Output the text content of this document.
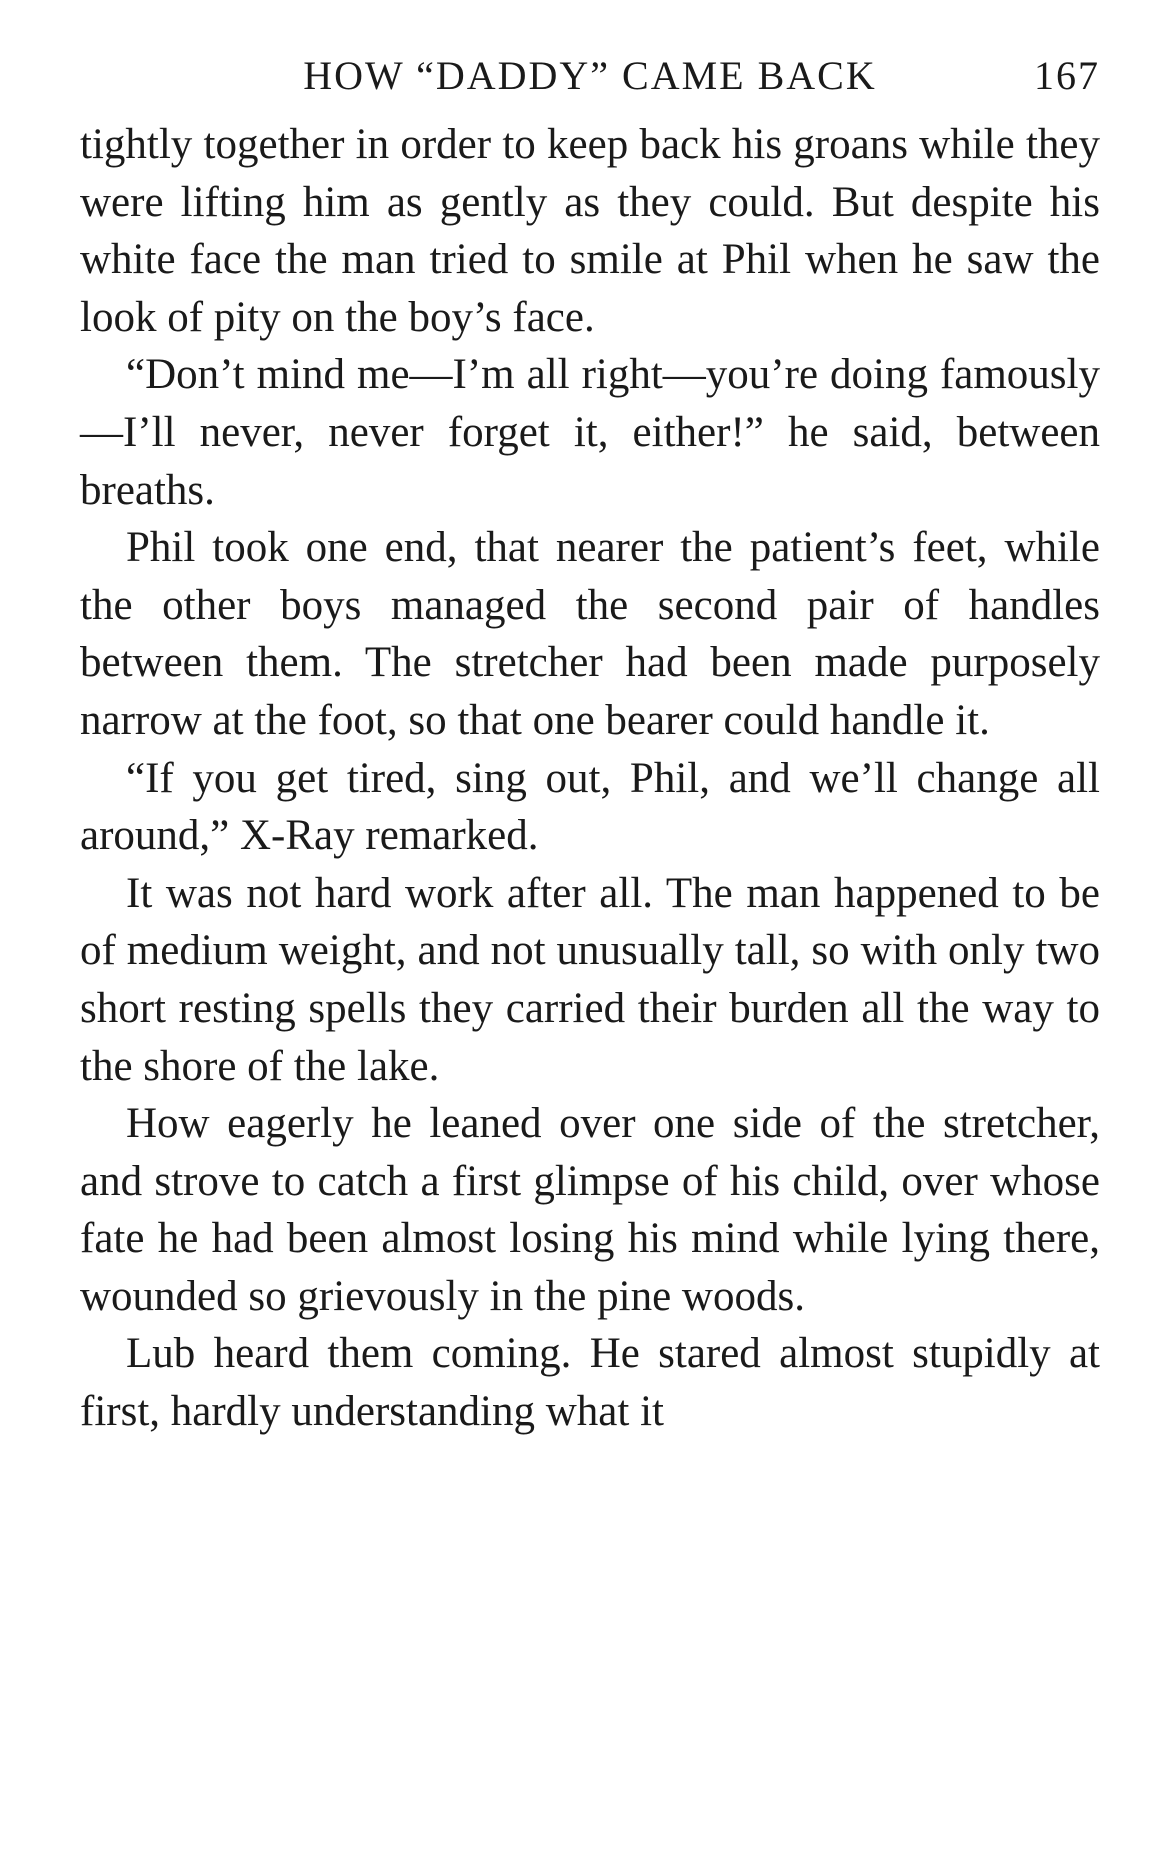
HOW “DADDY” CAME BACK	167

tightly together in order to keep back his groans while they were lifting him as gently as they could. But despite his white face the man tried to smile at Phil when he saw the look of pity on the boy’s face.

“Don’t mind me—I’m all right—you’re doing famously—I’ll never, never forget it, either!” he said, between breaths.

Phil took one end, that nearer the patient’s feet, while the other boys managed the second pair of handles between them. The stretcher had been made purposely narrow at the foot, so that one bearer could handle it.

“If you get tired, sing out, Phil, and we’ll change all around,” X-Ray remarked.

It was not hard work after all. The man happened to be of medium weight, and not unusually tall, so with only two short resting spells they carried their burden all the way to the shore of the lake.

How eagerly he leaned over one side of the stretcher, and strove to catch a first glimpse of his child, over whose fate he had been almost losing his mind while lying there, wounded so grievously in the pine woods.

Lub heard them coming. He stared almost stupidly at first, hardly understanding what it
